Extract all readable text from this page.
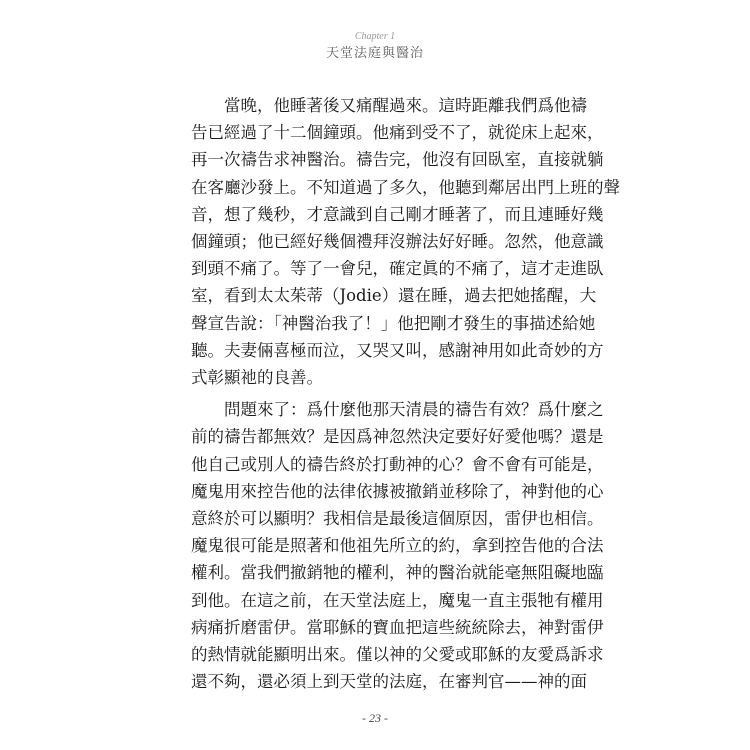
Chapter 1
天堂法庭與醫治

當晚，他睡著後又痛醒過來。這時距離我們爲他禱
告已經過了十二個鐘頭。他痛到受不了，就從床上起來，
再一次禱告求神醫治。禱告完，他沒有回臥室，直接就躺
在客廳沙發上。不知道過了多久，他聽到鄰居出門上班的聲
音，想了幾秒，才意識到自己剛才睡著了，而且連睡好幾
個鐘頭；他已經好幾個禮拜沒辦法好好睡。忽然，他意識
到頭不痛了。等了一會兒，確定眞的不痛了，這才走進臥
室，看到太太茱蒂（Jodie）還在睡，過去把她搖醒，大
聲宣告說：「神醫治我了！」他把剛才發生的事描述給她
聽。夫妻倆喜極而泣，又哭又叫，感謝神用如此奇妙的方
式彰顯祂的良善。

問題來了：爲什麼他那天清晨的禱告有效？爲什麼之
前的禱告都無效？是因爲神忽然決定要好好愛他嗎？還是
他自己或別人的禱告終於打動神的心？會不會有可能是，
魔鬼用來控告他的法律依據被撤銷並移除了，神對他的心
意終於可以顯明？我相信是最後這個原因，雷伊也相信。
魔鬼很可能是照著和他祖先所立的約，拿到控告他的合法
權利。當我們撤銷牠的權利，神的醫治就能毫無阻礙地臨
到他。在這之前，在天堂法庭上，魔鬼一直主張牠有權用
病痛折磨雷伊。當耶穌的寶血把這些統統除去，神對雷伊
的熱情就能顯明出來。僅以神的父愛或耶穌的友愛爲訴求
還不夠，還必須上到天堂的法庭，在審判官——神的面

- 23 -
